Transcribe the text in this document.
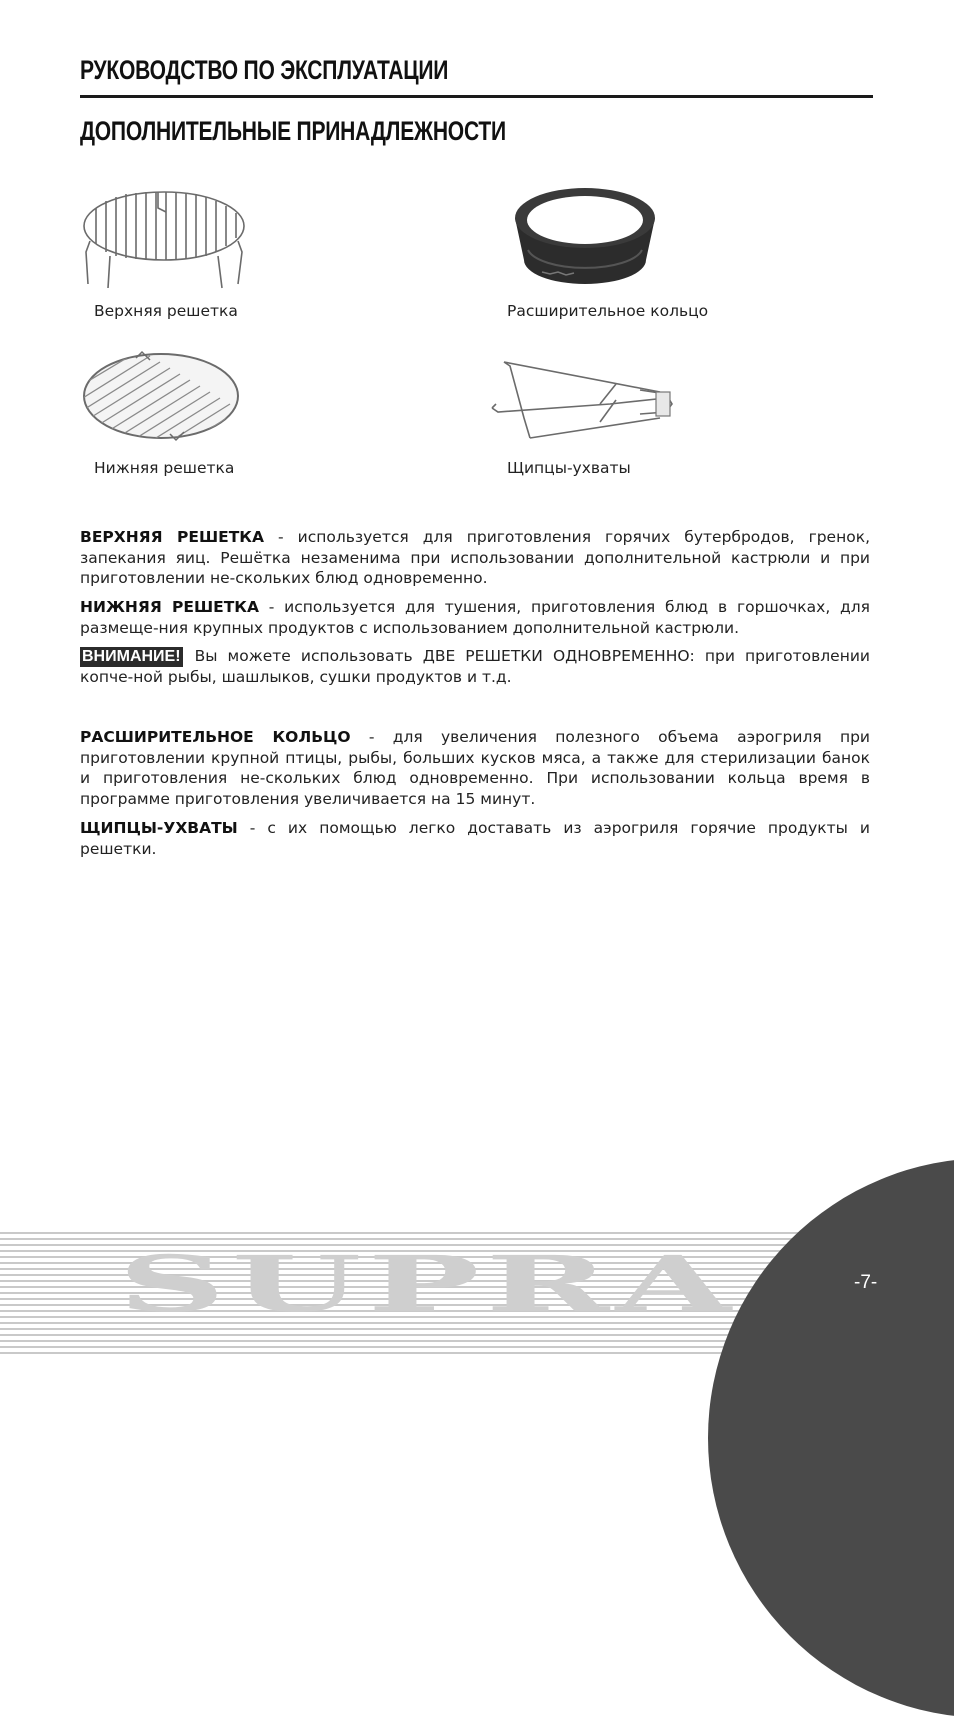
РУКОВОДСТВО ПО ЭКСПЛУАТАЦИИ
ДОПОЛНИТЕЛЬНЫЕ ПРИНАДЛЕЖНОСТИ
Верхняя решетка	Расширительное кольцо
Нижняя решетка	Щипцы-ухваты

ВЕРХНЯЯ РЕШЕТКА - используется для приготовления горячих бутербродов, гренок, запекания яиц. Решётка незаменима при использовании дополнительной кастрюли и при приготовлении не-скольких блюд одновременно.

НИЖНЯЯ РЕШЕТКА - используется для тушения, приготовления блюд в горшочках, для размеще-ния крупных продуктов с использованием дополнительной кастрюли.

ВНИМАНИЕ! Вы можете использовать ДВЕ РЕШЕТКИ ОДНОВРЕМЕННО: при приготовлении копче-ной рыбы, шашлыков, сушки продуктов и т.д.

РАСШИРИТЕЛЬНОЕ КОЛЬЦО - для увеличения полезного объема аэрогриля при приготовлении крупной птицы, рыбы, больших кусков мяса, а также для стерилизации банок и приготовления не-скольких блюд одновременно. При использовании кольца время в программе приготовления увеличивается на 15 минут.

ЩИПЦЫ-УХВАТЫ - с их помощью легко доставать из аэрогриля горячие продукты и решетки.

SUPRA	-7-
